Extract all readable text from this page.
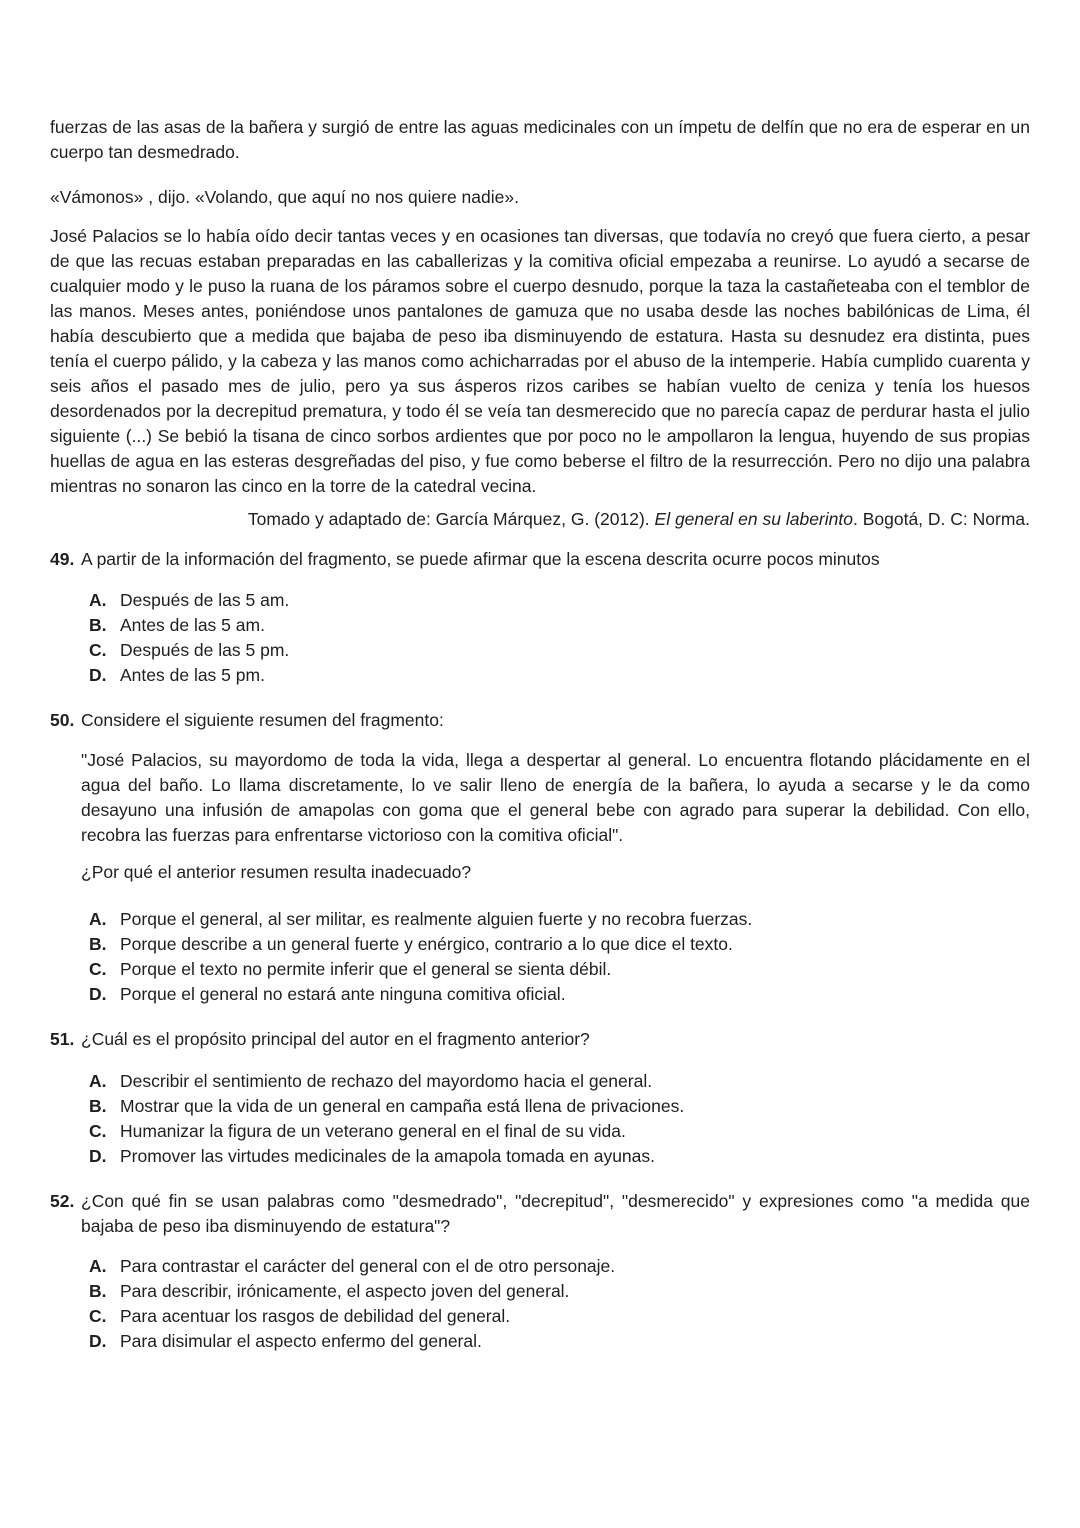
fuerzas de las asas de la bañera y surgió de entre las aguas medicinales con un ímpetu de delfín que no era de esperar en un cuerpo tan desmedrado.

«Vámonos» , dijo. «Volando, que aquí no nos quiere nadie».

José Palacios se lo había oído decir tantas veces y en ocasiones tan diversas, que todavía no creyó que fuera cierto, a pesar de que las recuas estaban preparadas en las caballerizas y la comitiva oficial empezaba a reunirse. Lo ayudó a secarse de cualquier modo y le puso la ruana de los páramos sobre el cuerpo desnudo, porque la taza la castañeteaba con el temblor de las manos. Meses antes, poniéndose unos pantalones de gamuza que no usaba desde las noches babilónicas de Lima, él había descubierto que a medida que bajaba de peso iba disminuyendo de estatura. Hasta su desnudez era distinta, pues tenía el cuerpo pálido, y la cabeza y las manos como achicharradas por el abuso de la intemperie. Había cumplido cuarenta y seis años el pasado mes de julio, pero ya sus ásperos rizos caribes se habían vuelto de ceniza y tenía los huesos desordenados por la decrepitud prematura, y todo él se veía tan desmerecido que no parecía capaz de perdurar hasta el julio siguiente (...) Se bebió la tisana de cinco sorbos ardientes que por poco no le ampollaron la lengua, huyendo de sus propias huellas de agua en las esteras desgreñadas del piso, y fue como beberse el filtro de la resurrección. Pero no dijo una palabra mientras no sonaron las cinco en la torre de la catedral vecina.

Tomado y adaptado de: García Márquez, G. (2012). El general en su laberinto. Bogotá, D. C: Norma.

49. A partir de la información del fragmento, se puede afirmar que la escena descrita ocurre pocos minutos
A. Después de las 5 am.
B. Antes de las 5 am.
C. Después de las 5 pm.
D. Antes de las 5 pm.
50. Considere el siguiente resumen del fragmento:
"José Palacios, su mayordomo de toda la vida, llega a despertar al general. Lo encuentra flotando plácidamente en el agua del baño. Lo llama discretamente, lo ve salir lleno de energía de la bañera, lo ayuda a secarse y le da como desayuno una infusión de amapolas con goma que el general bebe con agrado para superar la debilidad. Con ello, recobra las fuerzas para enfrentarse victorioso con la comitiva oficial".
¿Por qué el anterior resumen resulta inadecuado?
A. Porque el general, al ser militar, es realmente alguien fuerte y no recobra fuerzas.
B. Porque describe a un general fuerte y enérgico, contrario a lo que dice el texto.
C. Porque el texto no permite inferir que el general se sienta débil.
D. Porque el general no estará ante ninguna comitiva oficial.
51. ¿Cuál es el propósito principal del autor en el fragmento anterior?
A. Describir el sentimiento de rechazo del mayordomo hacia el general.
B. Mostrar que la vida de un general en campaña está llena de privaciones.
C. Humanizar la figura de un veterano general en el final de su vida.
D. Promover las virtudes medicinales de la amapola tomada en ayunas.
52. ¿Con qué fin se usan palabras como "desmedrado", "decrepitud", "desmerecido" y expresiones como "a medida que bajaba de peso iba disminuyendo de estatura"?
A. Para contrastar el carácter del general con el de otro personaje.
B. Para describir, irónicamente, el aspecto joven del general.
C. Para acentuar los rasgos de debilidad del general.
D. Para disimular el aspecto enfermo del general.
